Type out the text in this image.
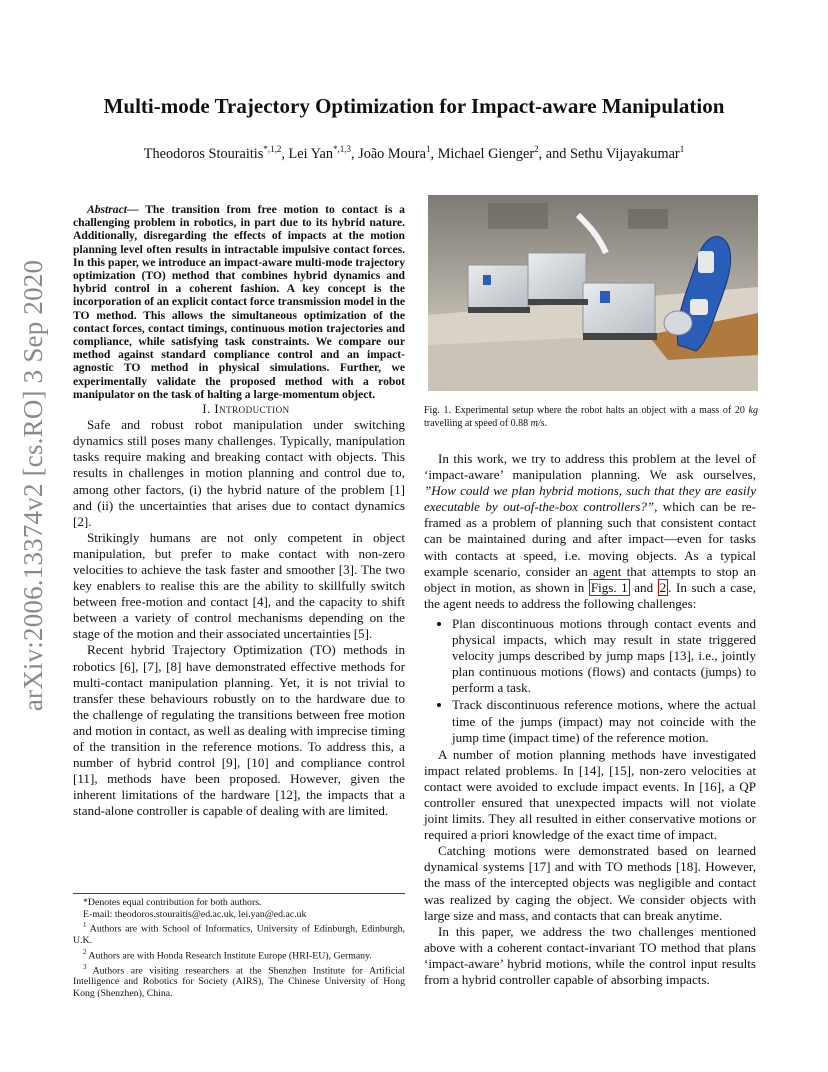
arXiv:2006.13374v2 [cs.RO] 3 Sep 2020
Multi-mode Trajectory Optimization for Impact-aware Manipulation
Theodoros Stouraitis$^{*,1,2}$, Lei Yan$^{*,1,3}$, João Moura$^1$, Michael Gienger$^2$, and Sethu Vijayakumar$^1$

Abstract— The transition from free motion to contact is a challenging problem in robotics, in part due to its hybrid nature. Additionally, disregarding the effects of impacts at the motion planning level often results in intractable impulsive contact forces. In this paper, we introduce an impact-aware multi-mode trajectory optimization (TO) method that combines hybrid dynamics and hybrid control in a coherent fashion. A key concept is the incorporation of an explicit contact force transmission model in the TO method. This allows the simultaneous optimization of the contact forces, contact timings, continuous motion trajectories and compliance, while satisfying task constraints. We compare our method against standard compliance control and an impact-agnostic TO method in physical simulations. Further, we experimentally validate the proposed method with a robot manipulator on the task of halting a large-momentum object.

I. Introduction

Safe and robust robot manipulation under switching dynamics still poses many challenges. Typically, manipulation tasks require making and breaking contact with objects. This results in challenges in motion planning and control due to, among other factors, (i) the hybrid nature of the problem [1] and (ii) the uncertainties that arises due to contact dynamics [2].

Strikingly humans are not only competent in object manipulation, but prefer to make contact with non-zero velocities to achieve the task faster and smoother [3]. The two key enablers to realise this are the ability to skillfully switch between free-motion and contact [4], and the capacity to shift between a variety of control mechanisms depending on the stage of the motion and their associated uncertainties [5].

Recent hybrid Trajectory Optimization (TO) methods in robotics [6], [7], [8] have demonstrated effective methods for multi-contact manipulation planning. Yet, it is not trivial to transfer these behaviours robustly on to the hardware due to the challenge of regulating the transitions between free motion and motion in contact, as well as dealing with imprecise timing of the transition in the reference motions. To address this, a number of hybrid control [9], [10] and compliance control [11], methods have been proposed. However, given the inherent limitations of the hardware [12], the impacts that a stand-alone controller is capable of dealing with are limited.

*Denotes equal contribution for both authors.
E-mail: theodoros.stouraitis@ed.ac.uk, lei.yan@ed.ac.uk
$^1$ Authors are with School of Informatics, University of Edinburgh, Edinburgh, U.K.
$^2$ Authors are with Honda Research Institute Europe (HRI-EU), Germany.
$^3$ Authors are visiting researchers at the Shenzhen Institute for Artificial Intelligence and Robotics for Society (AIRS), The Chinese University of Hong Kong (Shenzhen), China.
Fig. 1. Experimental setup where the robot halts an object with a mass of 20 kg travelling at speed of 0.88 m/s.

In this work, we try to address this problem at the level of ‘impact-aware’ manipulation planning. We ask ourselves, ”How could we plan hybrid motions, such that they are easily executable by out-of-the-box controllers?”, which can be re-framed as a problem of planning such that consistent contact can be maintained during and after impact—even for tasks with contacts at speed, i.e. moving objects. As a typical example scenario, consider an agent that attempts to stop an object in motion, as shown in Figs. 1 and 2 . In such a case, the agent needs to address the following challenges:

• Plan discontinuous motions through contact events and physical impacts, which may result in state triggered velocity jumps described by jump maps [13], i.e., jointly plan continuous motions (flows) and contacts (jumps) to perform a task.
• Track discontinuous reference motions, where the actual time of the jumps (impact) may not coincide with the jump time (impact time) of the reference motion.

A number of motion planning methods have investigated impact related problems. In [14], [15], non-zero velocities at contact were avoided to exclude impact events. In [16], a QP controller ensured that unexpected impacts will not violate joint limits. They all resulted in either conservative motions or required a priori knowledge of the exact time of impact.

Catching motions were demonstrated based on learned dynamical systems [17] and with TO methods [18]. However, the mass of the intercepted objects was negligible and contact was realized by caging the object. We consider objects with large size and mass, and contacts that can break anytime.

In this paper, we address the two challenges mentioned above with a coherent contact-invariant TO method that plans ‘impact-aware’ hybrid motions, while the control input results from a hybrid controller capable of absorbing impacts.
